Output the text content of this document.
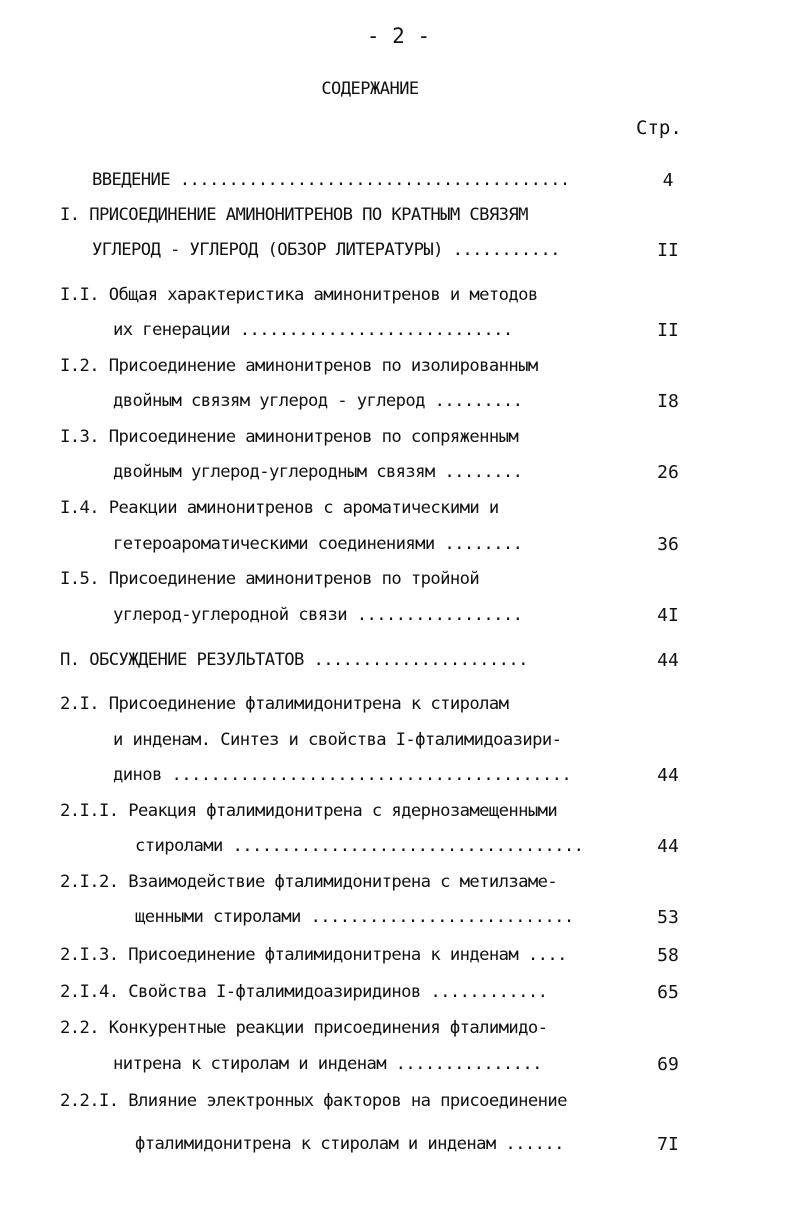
- 2 -
СОДЕРЖАНИЕ
Стр.
ВВЕДЕНИЕ ........................................	4
I. ПРИСОЕДИНЕНИЕ АМИНОНИТРЕНОВ ПО КРАТНЫМ СВЯЗЯМ
УГЛЕРОД - УГЛЕРОД (ОБЗОР ЛИТЕРАТУРЫ) ...........	II
I.I. Общая характеристика аминонитренов и методов
их генерации ............................	II
I.2. Присоединение аминонитренов по изолированным
двойным связям углерод - углерод .........	I8
I.3. Присоединение аминонитренов по сопряженным
двойным углерод-углеродным связям ........	26
I.4. Реакции аминонитренов с ароматическими и
гетероароматическими соединениями ........	36
I.5. Присоединение аминонитренов по тройной
углерод-углеродной связи .................	4I
П. ОБСУЖДЕНИЕ РЕЗУЛЬТАТОВ ......................	44
2.I. Присоединение фталимидонитрена к стиролам
и инденам. Синтез и свойства I-фталимидоазири-
динов .........................................	44
2.I.I. Реакция фталимидонитрена с ядернозамещенными
стиролами ....................................	44
2.I.2. Взаимодействие фталимидонитрена с метилзаме-
щенными стиролами ...........................	53
2.I.3. Присоединение фталимидонитрена к инденам ....	58
2.I.4. Свойства I-фталимидоазиридинов ............	65
2.2. Конкурентные реакции присоединения фталимидо-
нитрена к стиролам и инденам ...............	69
2.2.I. Влияние электронных факторов на присоединение
фталимидонитрена к стиролам и инденам ......	7I
